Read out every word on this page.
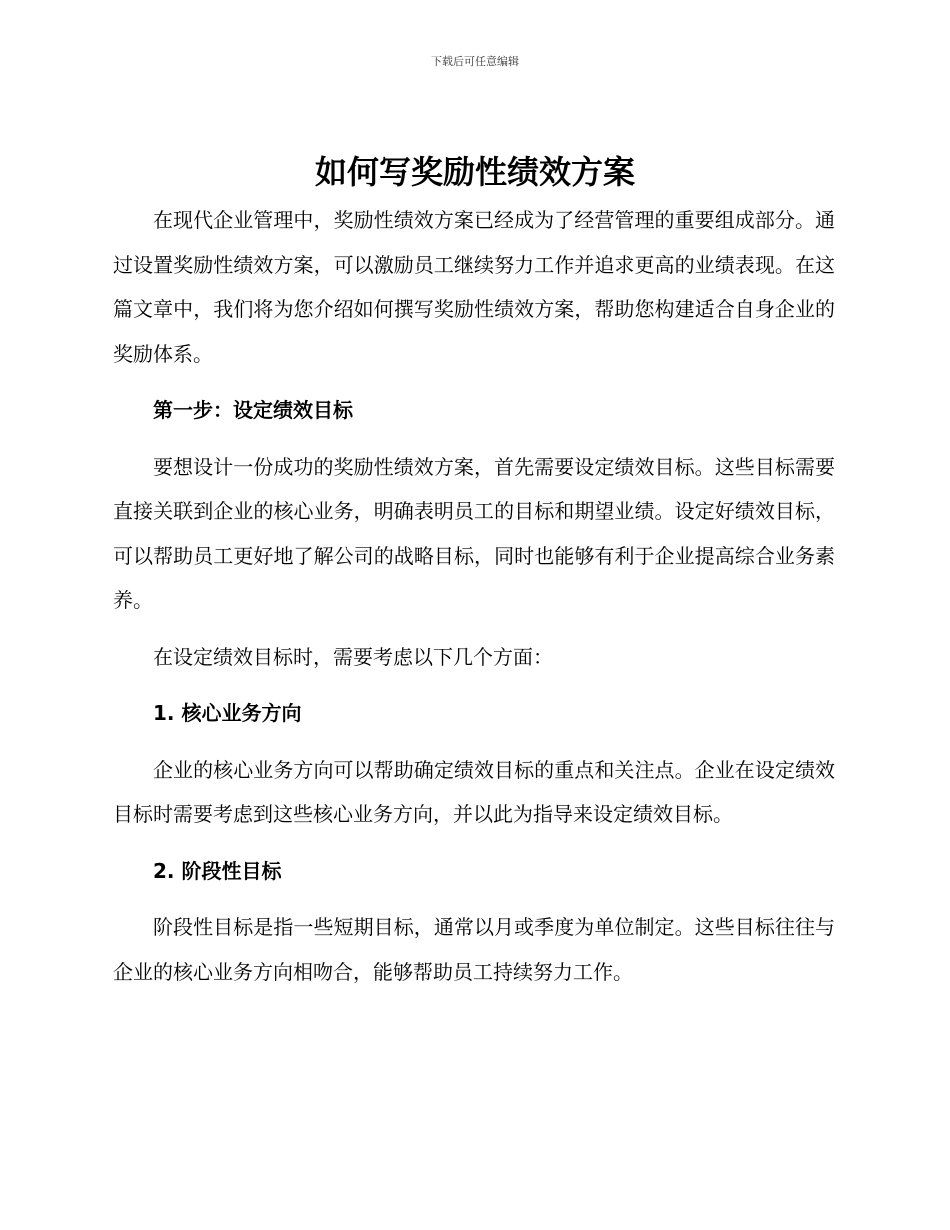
下载后可任意编辑
如何写奖励性绩效方案

在现代企业管理中，奖励性绩效方案已经成为了经营管理的重要组成部分。通过设置奖励性绩效方案，可以激励员工继续努力工作并追求更高的业绩表现。在这篇文章中，我们将为您介绍如何撰写奖励性绩效方案，帮助您构建适合自身企业的奖励体系。

第一步：设定绩效目标

要想设计一份成功的奖励性绩效方案，首先需要设定绩效目标。这些目标需要直接关联到企业的核心业务，明确表明员工的目标和期望业绩。设定好绩效目标，可以帮助员工更好地了解公司的战略目标，同时也能够有利于企业提高综合业务素养。

在设定绩效目标时，需要考虑以下几个方面：

1. 核心业务方向

企业的核心业务方向可以帮助确定绩效目标的重点和关注点。企业在设定绩效目标时需要考虑到这些核心业务方向，并以此为指导来设定绩效目标。

2. 阶段性目标

阶段性目标是指一些短期目标，通常以月或季度为单位制定。这些目标往往与企业的核心业务方向相吻合，能够帮助员工持续努力工作。
